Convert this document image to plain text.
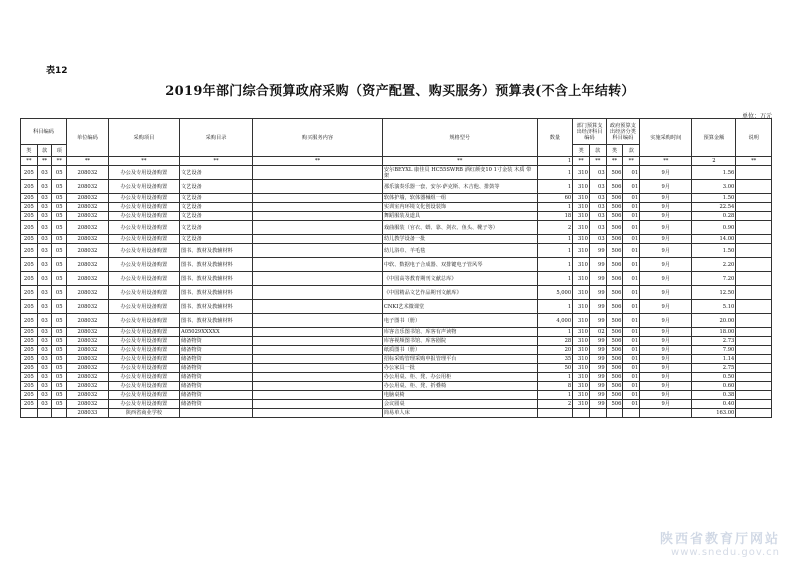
表12
2019年部门综合预算政府采购（资产配置、购买服务）预算表(不含上年结转）
单位：万元
科目编码			单位编码	采购项目	采购目录	购买服务内容	规格型号	数量	部门预算支出经济科目编码		政府预算支出经济分类科目编码		实施采购时间	预算金额	说明
类	款	项							类	款	类	款			
**	**	**	**	**	**	**	**	1	**	**	**	**	**	2	**
205	03	05	208032	办公及专用设备购置	文艺设备		安尔BEYXL 康佳员 HC55SWRB 酒红颜变10 1寸金装 木质 带架	1	310	03	506	01	9月	1.56	
205	03	05	208032	办公及专用设备购置	文艺设备		那乐演奏乐器一套，安尔·萨克斯、木吉他、排鼓等	1	310	03	506	01	9月	3.00	
205	03	05	208032	办公及专用设备购置	文艺设备		软体护墙，软体器械组一组	60	310	03	506	01	9月	1.50	
205	03	05	208032	办公及专用设备购置	文艺设备		实训室内环境文化创设装饰	1	310	03	506	01	9月	22.54	
205	03	05	208032	办公及专用设备购置	文艺设备		舞蹈服装及道具	18	310	03	506	01	9月	0.28	
205	03	05	208032	办公及专用设备购置	文艺设备		戏曲服装（官衣、蟒、靠、剑衣、鱼头、靴子等）	2	310	03	506	01	9月	0.90	
205	03	05	208032	办公及专用设备购置	文艺设备		幼儿教学设备一批	1	310	03	506	01	9月	14.00	
205	03	05	208032	办公及专用设备购置	图书、教材及教辅材料		幼儿浴巾、羊毛毯	1	310	99	506	01	9月	1.50	
205	03	05	208032	办公及专用设备购置	图书、教材及教辅材料		中软、数据电子合成器、双排键电子管风琴	1	310	99	506	01	9月	2.20	
205	03	05	208032	办公及专用设备购置	图书、教材及教辅材料		《中国高等教育期刊文献总库》	1	310	99	506	01	9月	7.20	
205	03	05	208032	办公及专用设备购置	图书、教材及教辅材料		《中国精品文艺作品期刊文献库》	5,000	310	99	506	01	9月	12.50	
205	03	05	208032	办公及专用设备购置	图书、教材及教辅材料		CNKI艺术微课堂	1	310	99	506	01	9月	5.10	
205	03	05	208032	办公及专用设备购置	图书、教材及教辅材料		电子图书（册）	4,000	310	99	506	01	9月	20.00	
205	03	05	208032	办公及专用设备购置	A05029XXXXX		库客音乐图书馆、库客有声读物	1	310	02	506	01	9月	18.00	
205	03	05	208032	办公及专用设备购置	储备物资		库客视频图书馆、库客剧院	28	310	99	506	01	9月	2.73	
205	03	05	208032	办公及专用设备购置	储备物资		纸质图书（册）	20	310	99	506	01	9月	7.90	
205	03	05	208032	办公及专用设备购置	储备物资		招标采购管理采购申报管理平台	35	310	99	506	01	9月	1.14	
205	03	05	208032	办公及专用设备购置	储备物资		办公家具一批	50	310	99	506	01	9月	2.75	
205	03	05	208032	办公及专用设备购置	储备物资		办公用桌、柜、凳、办公用柜	1	310	99	506	01	9月	0.50	
205	03	05	208032	办公及专用设备购置	储备物资		办公用桌、柜、凳、折叠椅	8	310	99	506	01	9月	0.60	
205	03	05	208032	办公及专用设备购置	储备物资		电脑桌椅	1	310	99	506	01	9月	0.38	
205	03	05	208032	办公及专用设备购置	储备物资		会议圆桌	2	310	99	506	01	9月	0.40	
			208033	陕西省商业学校			简易单人床							163.00	
陕西省教育厅网站
www.snedu.gov.cn
